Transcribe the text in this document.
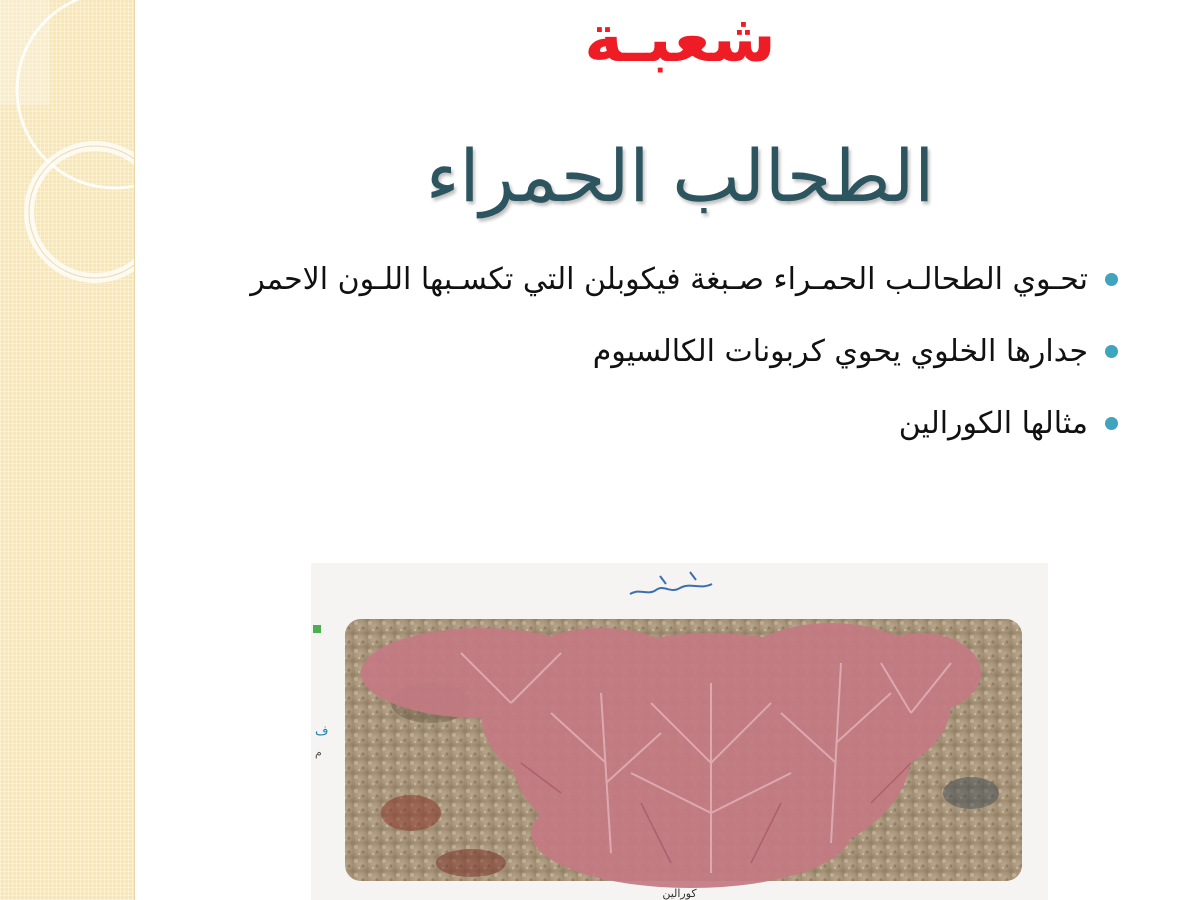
شعبـة
الطحالب الحمراء
تحـوي الطحالـب الحمـراء صـبغة فيكوبلن التي تكسـبها اللـون الاحمر
جدارها الخلوي يحوي كربونات الكالسيوم
مثالها الكورالين
ف
م
كورالين
